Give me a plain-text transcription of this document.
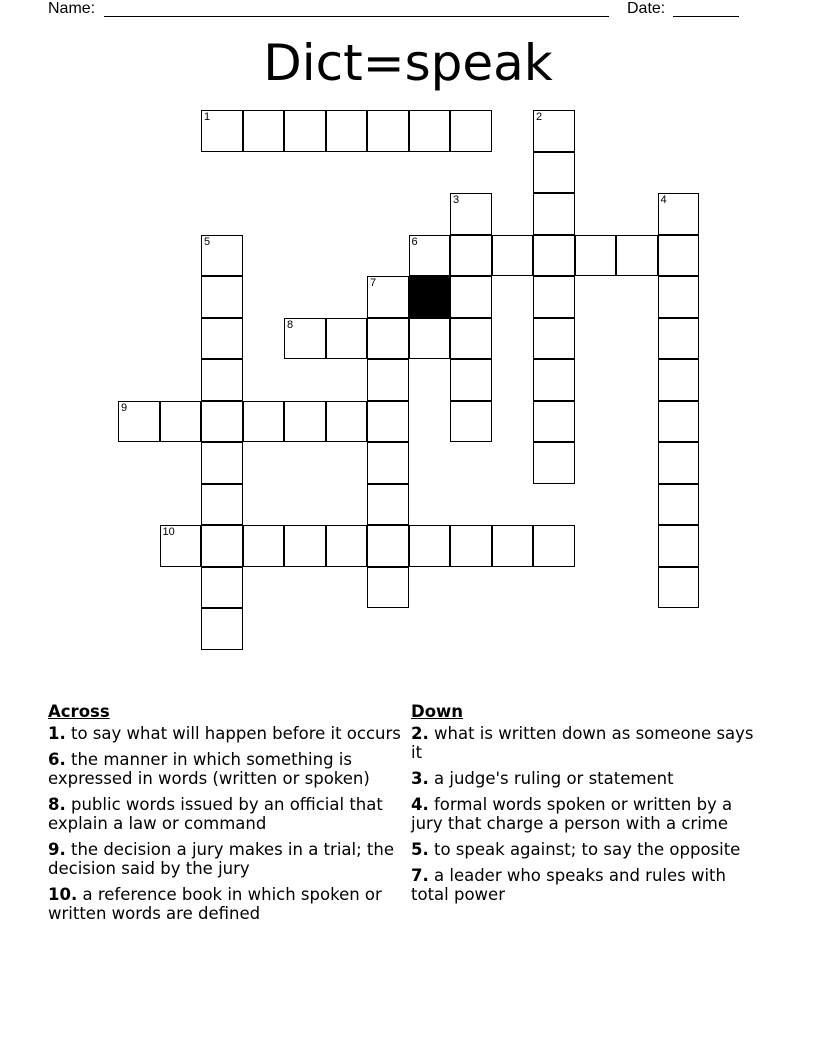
Name:	Date:
Dict=speak
1	2
3	4
5	6
7
8
9
10
Across
1. to say what will happen before it occurs
6. the manner in which something is expressed in words (written or spoken)
8. public words issued by an official that explain a law or command
9. the decision a jury makes in a trial; the decision said by the jury
10. a reference book in which spoken or written words are defined
Down
2. what is written down as someone says it
3. a judge's ruling or statement
4. formal words spoken or written by a jury that charge a person with a crime
5. to speak against; to say the opposite
7. a leader who speaks and rules with total power
